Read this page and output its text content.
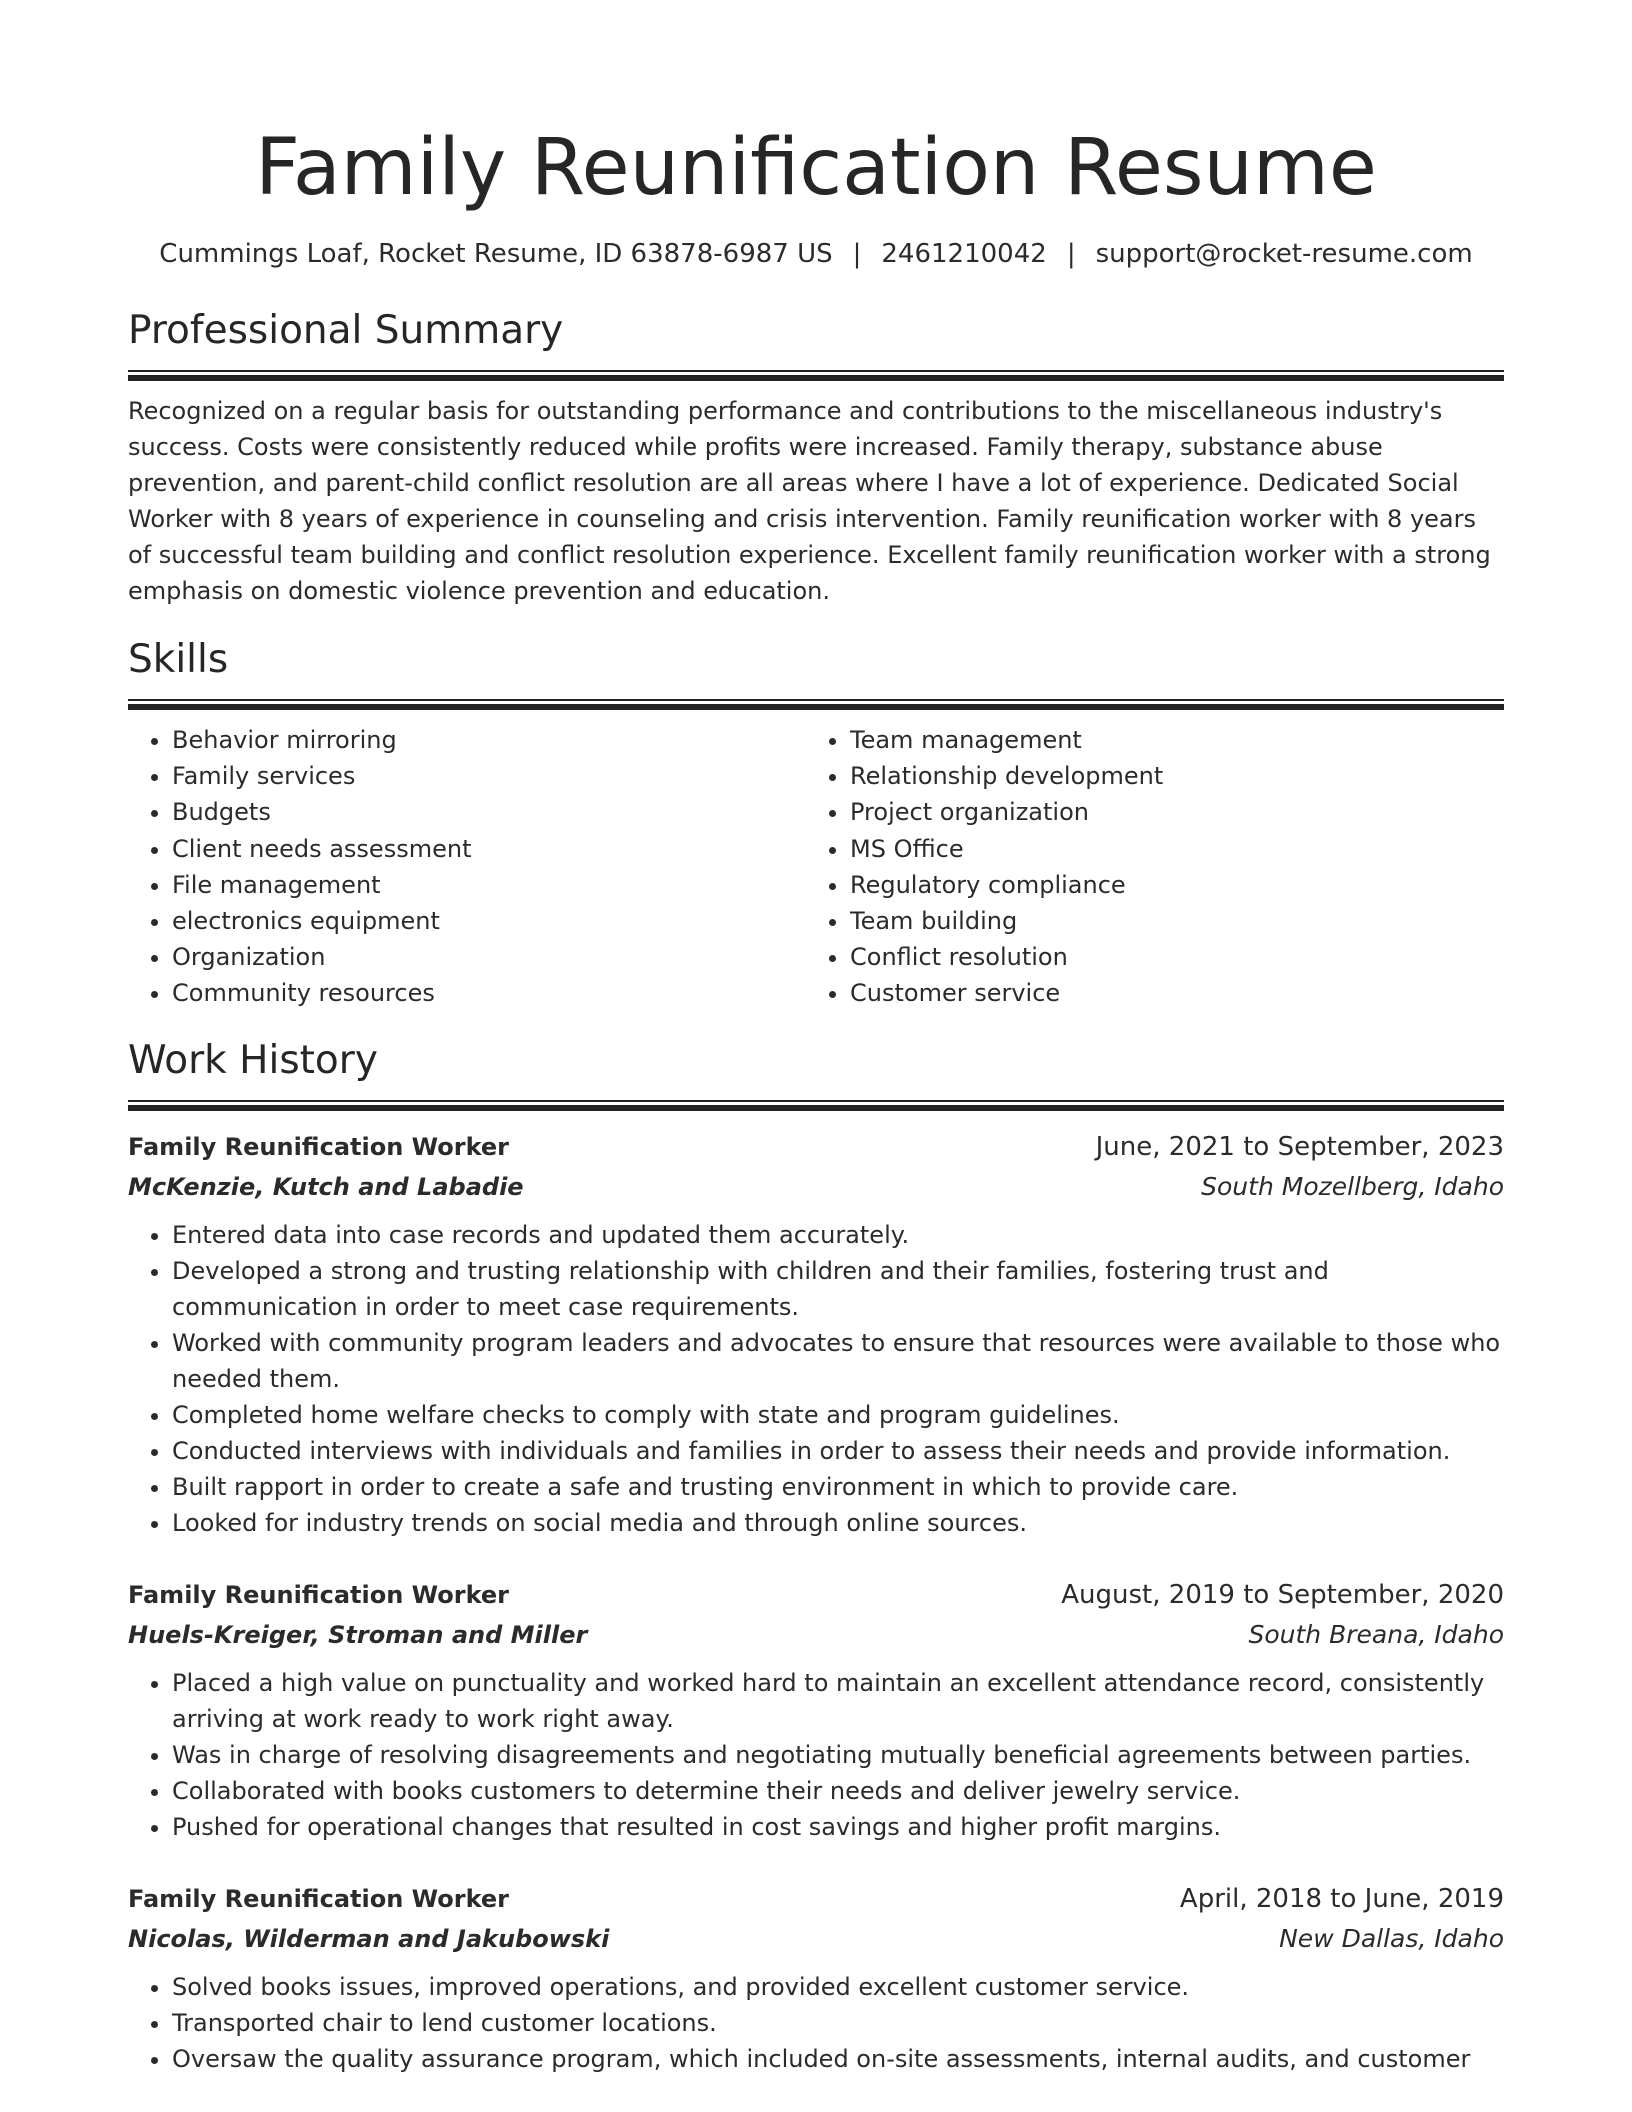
Family Reunification Resume
Cummings Loaf, Rocket Resume, ID 63878-6987 US | 2461210042 | support@rocket-resume.com
Professional Summary

Recognized on a regular basis for outstanding performance and contributions to the miscellaneous industry's success. Costs were consistently reduced while profits were increased. Family therapy, substance abuse prevention, and parent-child conflict resolution are all areas where I have a lot of experience. Dedicated Social Worker with 8 years of experience in counseling and crisis intervention. Family reunification worker with 8 years of successful team building and conflict resolution experience. Excellent family reunification worker with a strong emphasis on domestic violence prevention and education.

Skills
• Behavior mirroring
• Family services
• Budgets
• Client needs assessment
• File management
• electronics equipment
• Organization
• Community resources
• Team management
• Relationship development
• Project organization
• MS Office
• Regulatory compliance
• Team building
• Conflict resolution
• Customer service
Work History
Family Reunification Worker	June, 2021 to September, 2023
McKenzie, Kutch and Labadie	South Mozellberg, Idaho
• Entered data into case records and updated them accurately.
• Developed a strong and trusting relationship with children and their families, fostering trust and communication in order to meet case requirements.
• Worked with community program leaders and advocates to ensure that resources were available to those who needed them.
• Completed home welfare checks to comply with state and program guidelines.
• Conducted interviews with individuals and families in order to assess their needs and provide information.
• Built rapport in order to create a safe and trusting environment in which to provide care.
• Looked for industry trends on social media and through online sources.
Family Reunification Worker	August, 2019 to September, 2020
Huels-Kreiger, Stroman and Miller	South Breana, Idaho
• Placed a high value on punctuality and worked hard to maintain an excellent attendance record, consistently arriving at work ready to work right away.
• Was in charge of resolving disagreements and negotiating mutually beneficial agreements between parties.
• Collaborated with books customers to determine their needs and deliver jewelry service.
• Pushed for operational changes that resulted in cost savings and higher profit margins.
Family Reunification Worker	April, 2018 to June, 2019
Nicolas, Wilderman and Jakubowski	New Dallas, Idaho
• Solved books issues, improved operations, and provided excellent customer service.
• Transported chair to lend customer locations.
• Oversaw the quality assurance program, which included on-site assessments, internal audits, and customer
